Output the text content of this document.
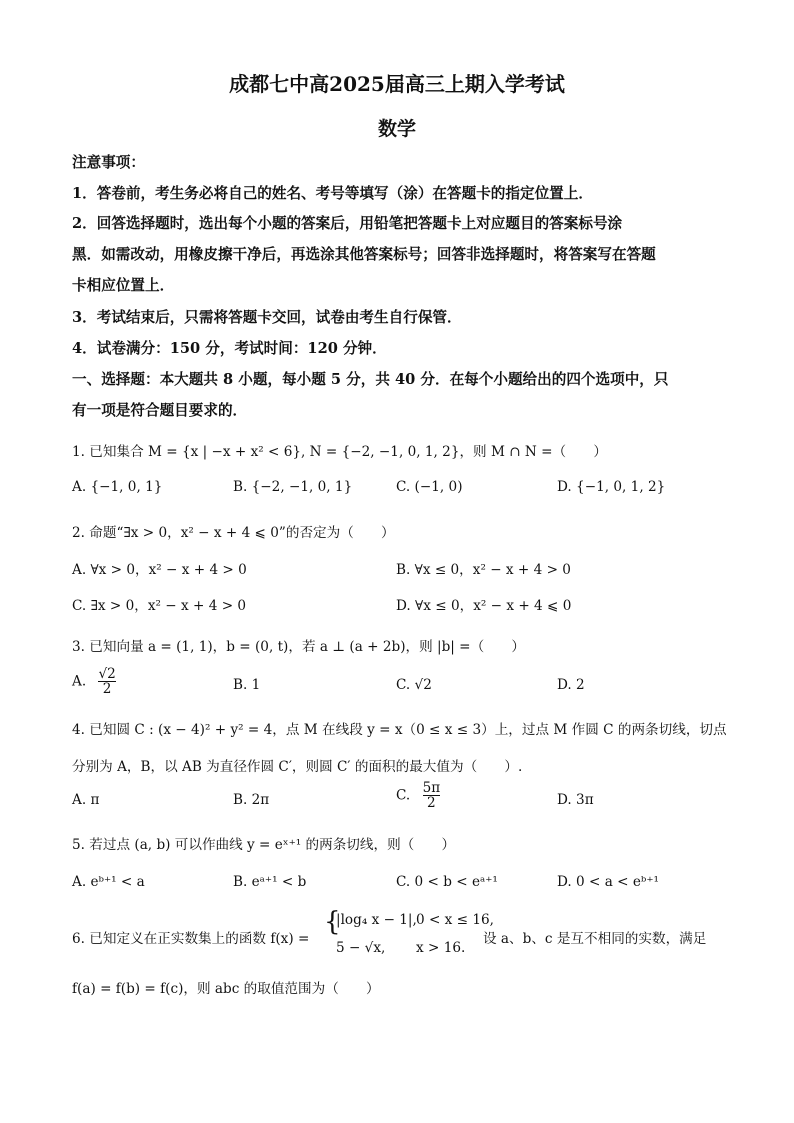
成都七中高2025届高三上期入学考试
数学
注意事项：
1．答卷前，考生务必将自己的姓名、考号等填写（涂）在答题卡的指定位置上．
2．回答选择题时，选出每个小题的答案后，用铅笔把答题卡上对应题目的答案标号涂
黑．如需改动，用橡皮擦干净后，再选涂其他答案标号；回答非选择题时，将答案写在答题
卡相应位置上．
3．考试结束后，只需将答题卡交回，试卷由考生自行保管．
4．试卷满分：150 分，考试时间：120 分钟．
一、选择题：本大题共 8 小题，每小题 5 分，共 40 分．在每个小题给出的四个选项中，只
有一项是符合题目要求的．
1. 已知集合 M = {x | −x + x² < 6}, N = {−2, −1, 0, 1, 2}，则 M ∩ N =（　　）
A. {−1, 0, 1}	B. {−2, −1, 0, 1}	C. (−1, 0)	D. {−1, 0, 1, 2}
2. 命题“∃x > 0，x² − x + 4 ⩽ 0”的否定为（　　）
A. ∀x > 0，x² − x + 4 > 0	B. ∀x ≤ 0，x² − x + 4 > 0
C. ∃x > 0，x² − x + 4 > 0	D. ∀x ≤ 0，x² − x + 4 ⩽ 0
3. 已知向量 a = (1, 1)，b = (0, t)，若 a ⊥ (a + 2b)，则 |b| =（　　）
A. $\frac{√2}{2}$	B. 1	C. √2	D. 2
4. 已知圆 C : (x − 4)² + y² = 4，点 M 在线段 y = x（0 ≤ x ≤ 3）上，过点 M 作圆 C 的两条切线，切点
分别为 A，B，以 AB 为直径作圆 C′，则圆 C′ 的面积的最大值为（　　）.
A. π	B. 2π	C. $\frac{5\pi}{2}$	D. 3π
5. 若过点 (a, b) 可以作曲线 y = eˣ⁺¹ 的两条切线，则（　　）
A. eᵇ⁺¹ < a	B. eᵃ⁺¹ < b	C. 0 < b < eᵃ⁺¹	D. 0 < a < eᵇ⁺¹
6. 已知定义在正实数集上的函数 f(x) =
{
|log₄ x − 1|, 0 < x ≤ 16,
5 − √x, x > 16.
设 a、b、c 是互不相同的实数，满足
f(a) = f(b) = f(c)，则 abc 的取值范围为（　　）
